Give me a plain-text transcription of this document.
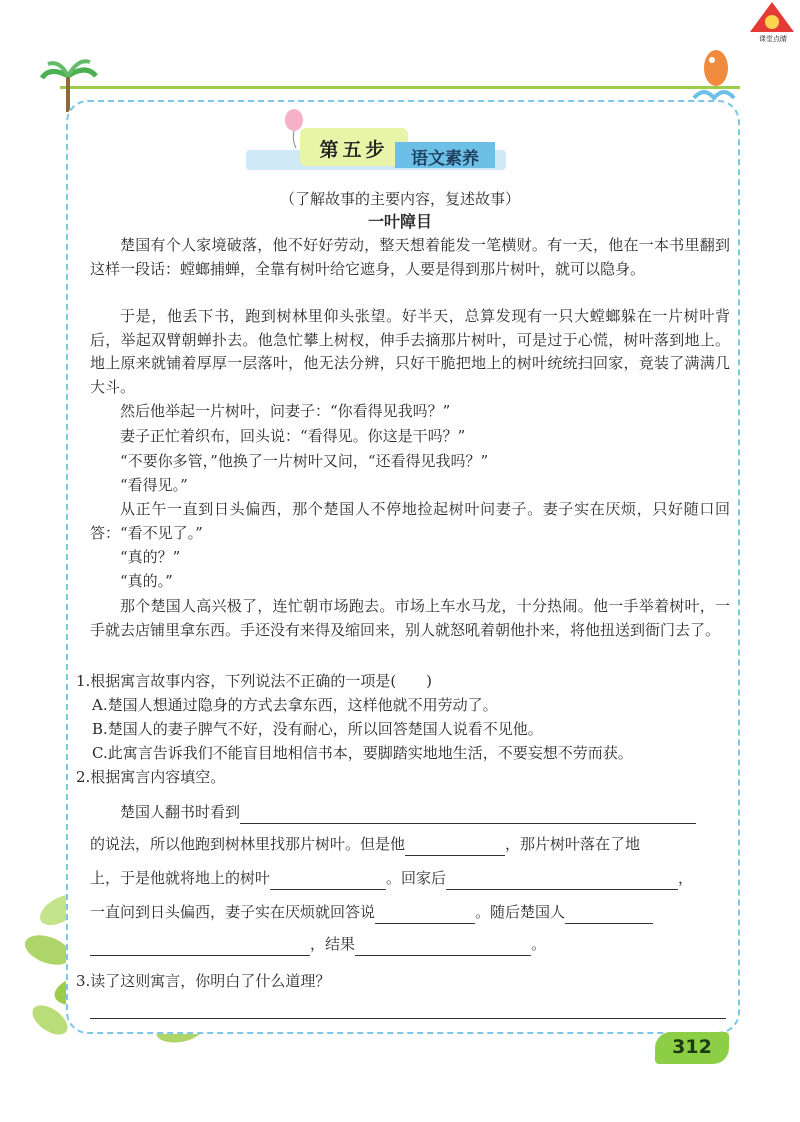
课堂点睛
第五步	语文素养
（了解故事的主要内容，复述故事）
一叶障目

楚国有个人家境破落，他不好好劳动，整天想着能发一笔横财。有一天，他在一本书里翻到这样一段话：螳螂捕蝉，全靠有树叶给它遮身，人要是得到那片树叶，就可以隐身。

于是，他丢下书，跑到树林里仰头张望。好半天，总算发现有一只大螳螂躲在一片树叶背后，举起双臂朝蝉扑去。他急忙攀上树杈，伸手去摘那片树叶，可是过于心慌，树叶落到地上。地上原来就铺着厚厚一层落叶，他无法分辨，只好干脆把地上的树叶统统扫回家，竟装了满满几大斗。

然后他举起一片树叶，问妻子：“你看得见我吗？”

妻子正忙着织布，回头说：“看得见。你这是干吗？”

“不要你多管，”他换了一片树叶又问，“还看得见我吗？”

“看得见。”

从正午一直到日头偏西，那个楚国人不停地捡起树叶问妻子。妻子实在厌烦，只好随口回答：“看不见了。”

“真的？”

“真的。”

那个楚国人高兴极了，连忙朝市场跑去。市场上车水马龙，十分热闹。他一手举着树叶，一手就去店铺里拿东西。手还没有来得及缩回来，别人就怒吼着朝他扑来，将他扭送到衙门去了。

1.根据寓言故事内容，下列说法不正确的一项是(　　)

A.楚国人想通过隐身的方式去拿东西，这样他就不用劳动了。

B.楚国人的妻子脾气不好，没有耐心，所以回答楚国人说看不见他。

C.此寓言告诉我们不能盲目地相信书本，要脚踏实地地生活，不要妄想不劳而获。

2.根据寓言内容填空。

楚国人翻书时看到
的说法，所以他跑到树林里找那片树叶。但是他	，那片树叶落在了地
上，于是他就将地上的树叶	。回家后	，
一直问到日头偏西，妻子实在厌烦就回答说	。随后楚国人
，结果	。

3.读了这则寓言，你明白了什么道理？

312
